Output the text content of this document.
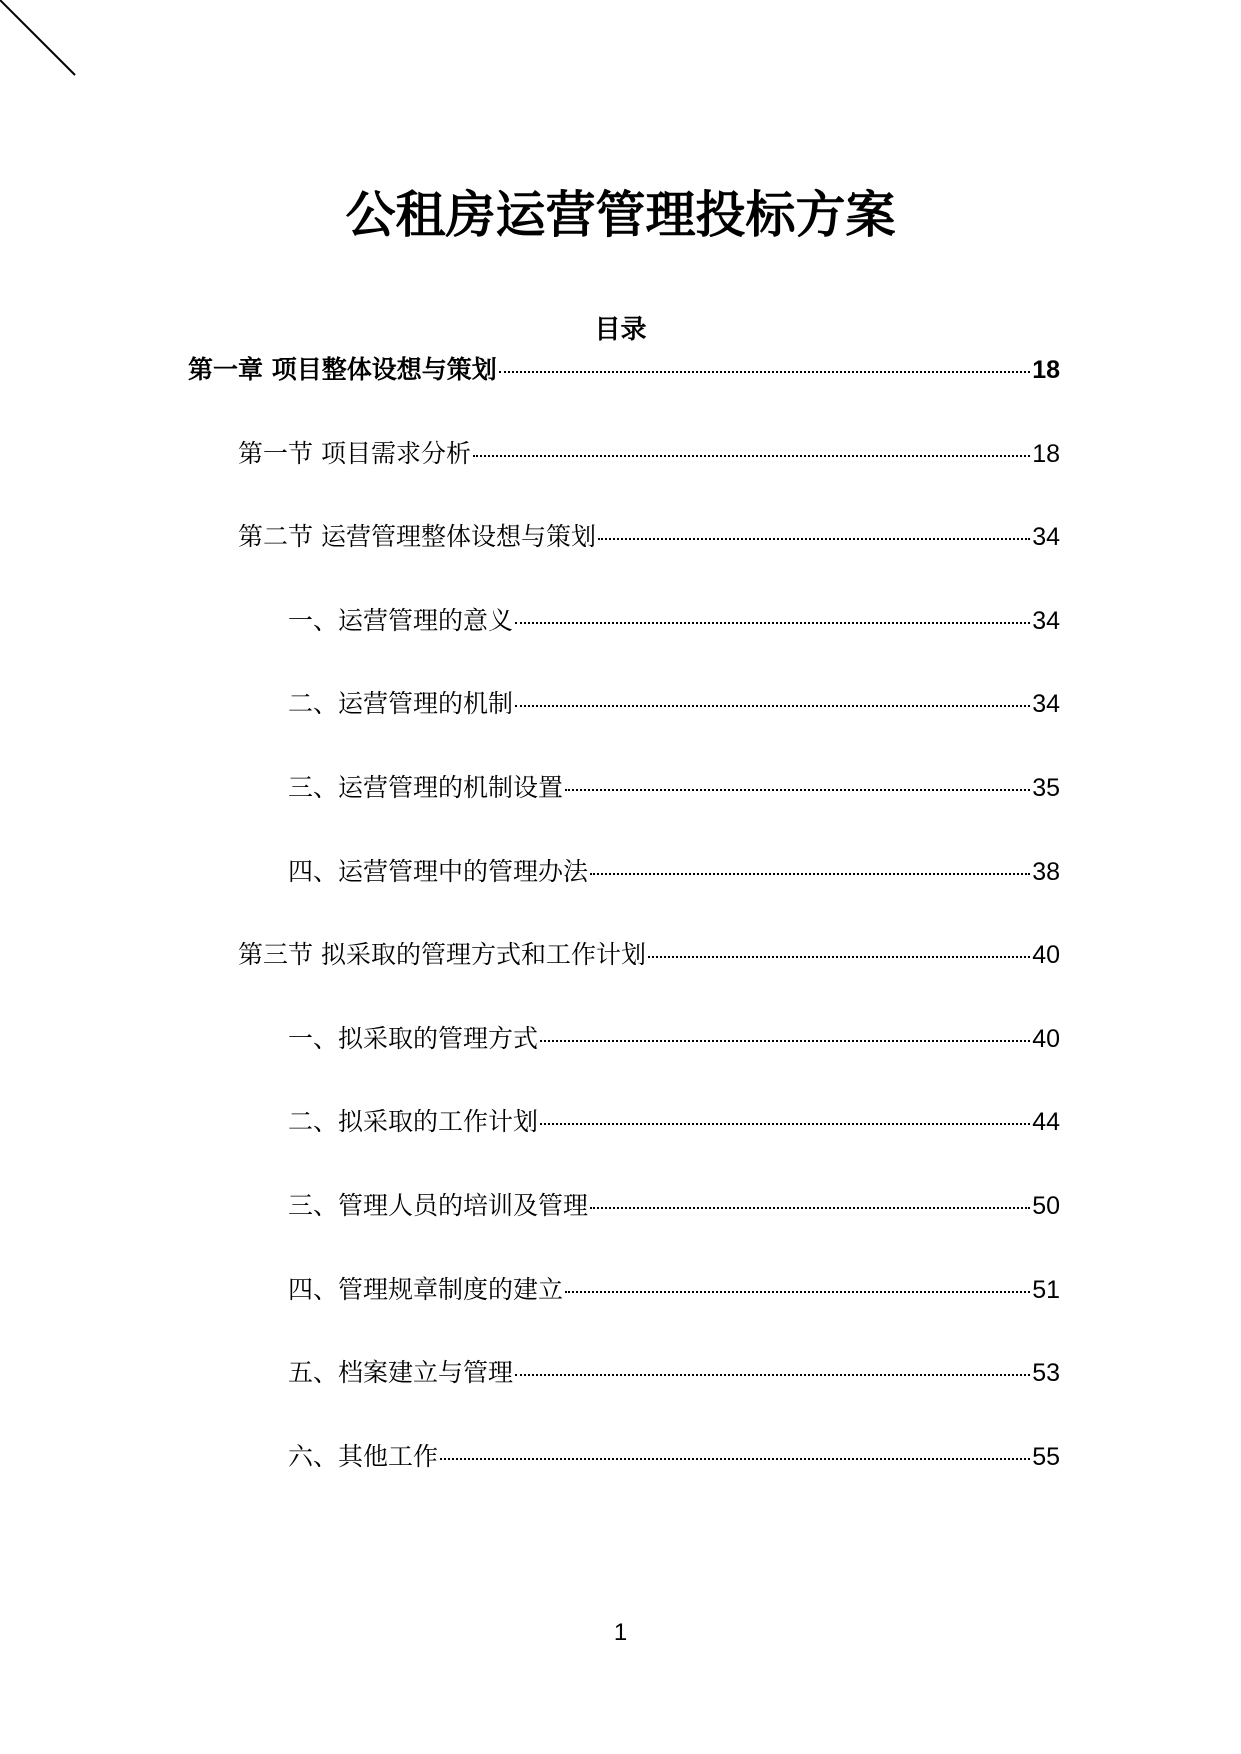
公租房运营管理投标方案
目录
第一章 项目整体设想与策划	18
第一节 项目需求分析	18
第二节 运营管理整体设想与策划	34
一、运营管理的意义	34
二、运营管理的机制	34
三、运营管理的机制设置	35
四、运营管理中的管理办法	38
第三节 拟采取的管理方式和工作计划	40
一、拟采取的管理方式	40
二、拟采取的工作计划	44
三、管理人员的培训及管理	50
四、管理规章制度的建立	51
五、档案建立与管理	53
六、其他工作	55
1
